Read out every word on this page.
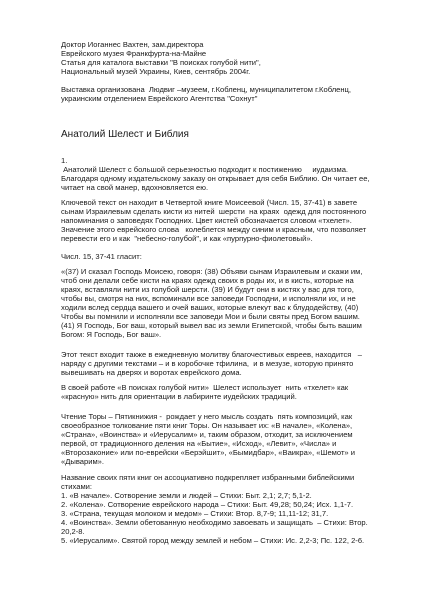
Доктор Иоганнес Вахтен, зам.директора
Еврейского музея Франкфурта-на-Майне
Статья для каталога выставки "В поисках голубой нити",
Национальный музей Украины, Киев, сентябрь 2004г.
Выставка организована  Людвиг –музеем, г.Кобленц, муниципалитетом г.Кобленц,
украинским отделением Еврейского Агентства "Сохнут"
Анатолий Шелест и Библия
1.
Анатолий Шелест с большой серьезностью подходит к постижению     иудаизма.
Благодаря одному издательскому заказу он открывает для себя Библию. Он читает ее,
читает на свой манер, вдохновляется ею.
Ключевой текст он находит в Четвертой книге Моисеевой (Числ. 15, 37-41) в завете
сынам Израилевым сделать кисти из нитей  шерсти  на краях  одежд для постоянного
напоминания о заповедях Господних. Цвет кистей обозначается словом «тхелет».
Значение этого еврейского слова   колеблется между синим и красным, что позволяет
перевести его и как  "небесно-голубой", и как «пурпурно-фиолетовый».
Числ. 15, 37-41 гласит:
«(37) И сказал Господь Моисею, говоря: (38) Объяви сынам Израилевым и скажи им,
чтоб они делали себе кисти на краях одежд своих в роды их, и в кисть, которые на
краях, вставляли нити из голубой шерсти. (39) И будут они в кистях у вас для того,
чтобы вы, смотря на них, вспоминали все заповеди Господни, и исполняли их, и не
ходили вслед сердца вашего и очей ваших, которые влекут вас к блудодейству, (40)
Чтобы вы помнили и исполняли все заповеди Мои и были святы пред Богом вашим.
(41) Я Господь, Бог ваш, который вывел вас из земли Египетской, чтобы быть вашим
Богом: Я Господь, Бог ваш».
Этот текст входит также в ежедневную молитву благочестивых евреев, находится   –
наряду с другими текстами – и в коробочке тфилина,  и в мезузе, которую принято
вывешивать на дверях и воротах еврейского дома.
В своей работе «В поисках голубой нити»  Шелест использует  нить «тхелет» как
«красную» нить для ориентации в лабиринте иудейских традиций.
Чтение Торы – Пятикнижия -  рождает у него мысль создать  пять композиций, как
своеобразное толкование пяти книг Торы. Он называет их: «В начале», «Колена»,
«Страна», «Воинства» и «Иерусалим» и, таким образом, отходит, за исключением
первой, от традиционного деления на «Бытие», «Исход», «Левит», «Числа» и
«Второзаконие» или по-еврейски «Берэйшит», «Бымидбар», «Ваикра», «Шемот» и
«Дыварим».
Название своих пяти книг он ассоциативно подкрепляет избранными библейскими
стихами:
1. «В начале». Сотворение земли и людей – Стихи: Быт. 2,1; 2,7; 5,1-2.
2. «Колена». Сотворение еврейского народа – Стихи: Быт. 49,28; 50,24; Исх. 1,1-7.
3. «Страна, текущая молоком и медом» – Стихи: Втор. 8,7-9; 11,11-12; 31,7.
4. «Воинства». Земли обетованную необходимо завоевать и защищать  – Стихи: Втор.
20,2-8.
5. «Иерусалим». Святой город между землей и небом – Стихи: Ис. 2,2-3; Пс. 122, 2-6.
